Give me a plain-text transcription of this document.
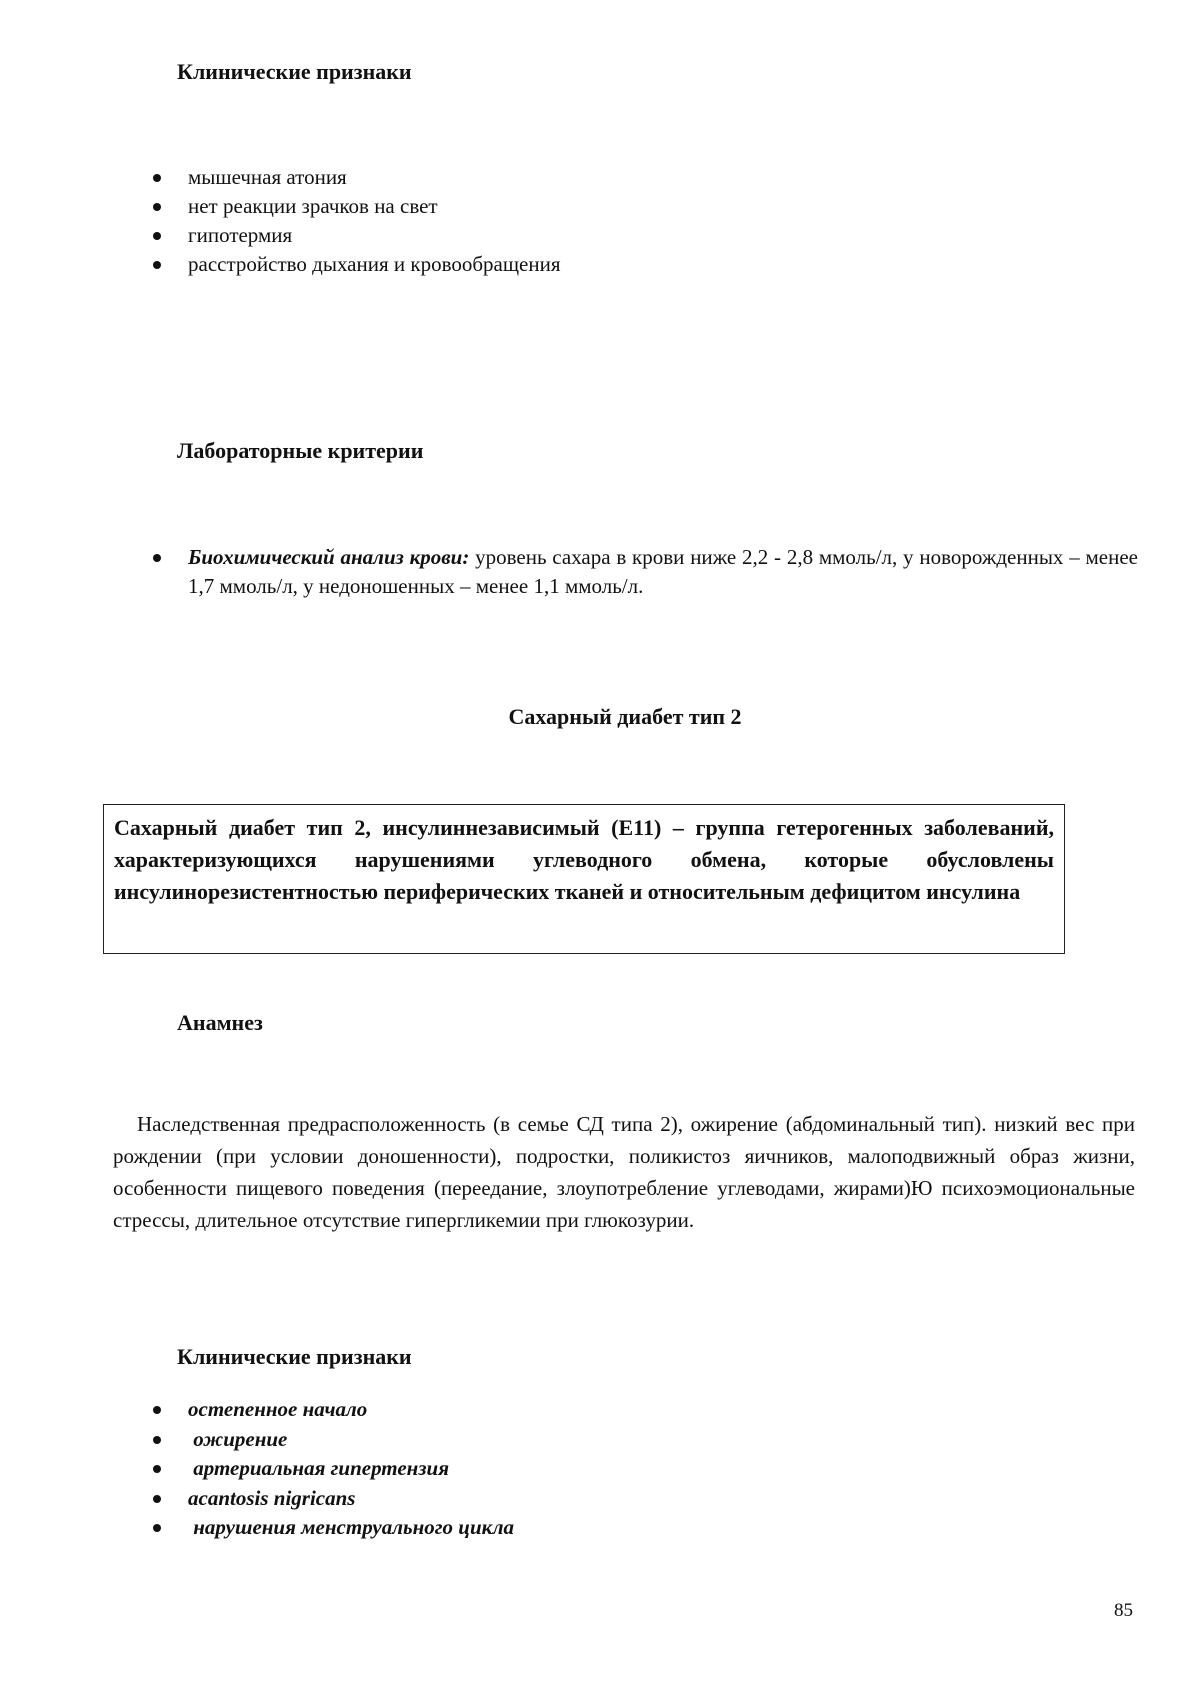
Клинические признаки
мышечная атония
нет реакции зрачков на свет
гипотермия
расстройство дыхания и кровообращения
Лабораторные критерии
Биохимический анализ крови: уровень сахара в крови ниже 2,2 - 2,8 ммоль/л, у новорожденных – менее 1,7 ммоль/л, у недоношенных – менее 1,1 ммоль/л.
Сахарный диабет тип 2
Сахарный диабет тип 2, инсулиннезависимый (Е11) – группа гетерогенных заболеваний, характеризующихся нарушениями углеводного обмена, которые обусловлены инсулинорезистентностью периферических тканей и относительным дефицитом инсулина
Анамнез
Наследственная предрасположенность (в семье СД типа 2), ожирение (абдоминальный тип). низкий вес при рождении (при условии доношенности), подростки, поликистоз яичников, малоподвижный образ жизни, особенности пищевого поведения (переедание, злоупотребление углеводами, жирами)Ю психоэмоциональные стрессы, длительное отсутствие гипергликемии при глюкозурии.
Клинические признаки
остепенное начало
ожирение
артериальная гипертензия
acantosis nigricans
нарушения менструального цикла
85
